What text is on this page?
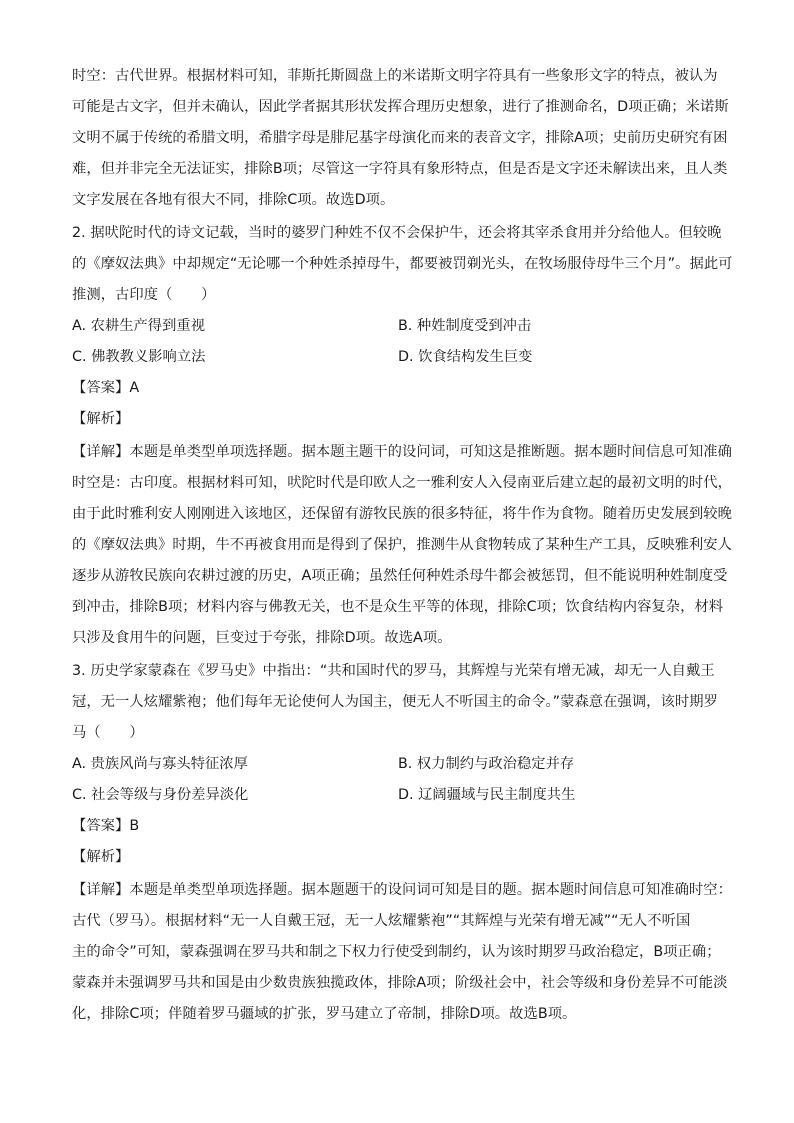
时空：古代世界。根据材料可知，菲斯托斯圆盘上的米诺斯文明字符具有一些象形文字的特点，被认为
可能是古文字，但并未确认，因此学者据其形状发挥合理历史想象，进行了推测命名，D项正确；米诺斯
文明不属于传统的希腊文明，希腊字母是腓尼基字母演化而来的表音文字，排除A项；史前历史研究有困
难，但并非完全无法证实，排除B项；尽管这一字符具有象形特点，但是否是文字还未解读出来，且人类
文字发展在各地有很大不同，排除C项。故选D项。
2. 据吠陀时代的诗文记载，当时的婆罗门种姓不仅不会保护牛，还会将其宰杀食用并分给他人。但较晚
的《摩奴法典》中却规定“无论哪一个种姓杀掉母牛，都要被罚剃光头，在牧场服侍母牛三个月”。据此可
推测，古印度（　　）
A. 农耕生产得到重视	B. 种姓制度受到冲击
C. 佛教教义影响立法	D. 饮食结构发生巨变
【答案】A
【解析】
【详解】本题是单类型单项选择题。据本题主题干的设问词，可知这是推断题。据本题时间信息可知准确
时空是：古印度。根据材料可知，吠陀时代是印欧人之一雅利安人入侵南亚后建立起的最初文明的时代，
由于此时雅利安人刚刚进入该地区，还保留有游牧民族的很多特征，将牛作为食物。随着历史发展到较晚
的《摩奴法典》时期，牛不再被食用而是得到了保护，推测牛从食物转成了某种生产工具，反映雅利安人
逐步从游牧民族向农耕过渡的历史，A项正确；虽然任何种姓杀母牛都会被惩罚，但不能说明种姓制度受
到冲击，排除B项；材料内容与佛教无关，也不是众生平等的体现，排除C项；饮食结构内容复杂，材料
只涉及食用牛的问题，巨变过于夸张，排除D项。故选A项。
3. 历史学家蒙森在《罗马史》中指出：“共和国时代的罗马，其辉煌与光荣有增无减，却无一人自戴王
冠，无一人炫耀紫袍；他们每年无论使何人为国主，便无人不听国主的命令。”蒙森意在强调，该时期罗
马（　　）
A. 贵族风尚与寡头特征浓厚	B. 权力制约与政治稳定并存
C. 社会等级与身份差异淡化	D. 辽阔疆域与民主制度共生
【答案】B
【解析】
【详解】本题是单类型单项选择题。据本题题干的设问词可知是目的题。据本题时间信息可知准确时空：
古代（罗马）。根据材料“无一人自戴王冠，无一人炫耀紫袍”“其辉煌与光荣有增无减”“无人不听国
主的命令”可知，蒙森强调在罗马共和制之下权力行使受到制约，认为该时期罗马政治稳定，B项正确；
蒙森并未强调罗马共和国是由少数贵族独揽政体，排除A项；阶级社会中，社会等级和身份差异不可能淡
化，排除C项；伴随着罗马疆域的扩张，罗马建立了帝制，排除D项。故选B项。
